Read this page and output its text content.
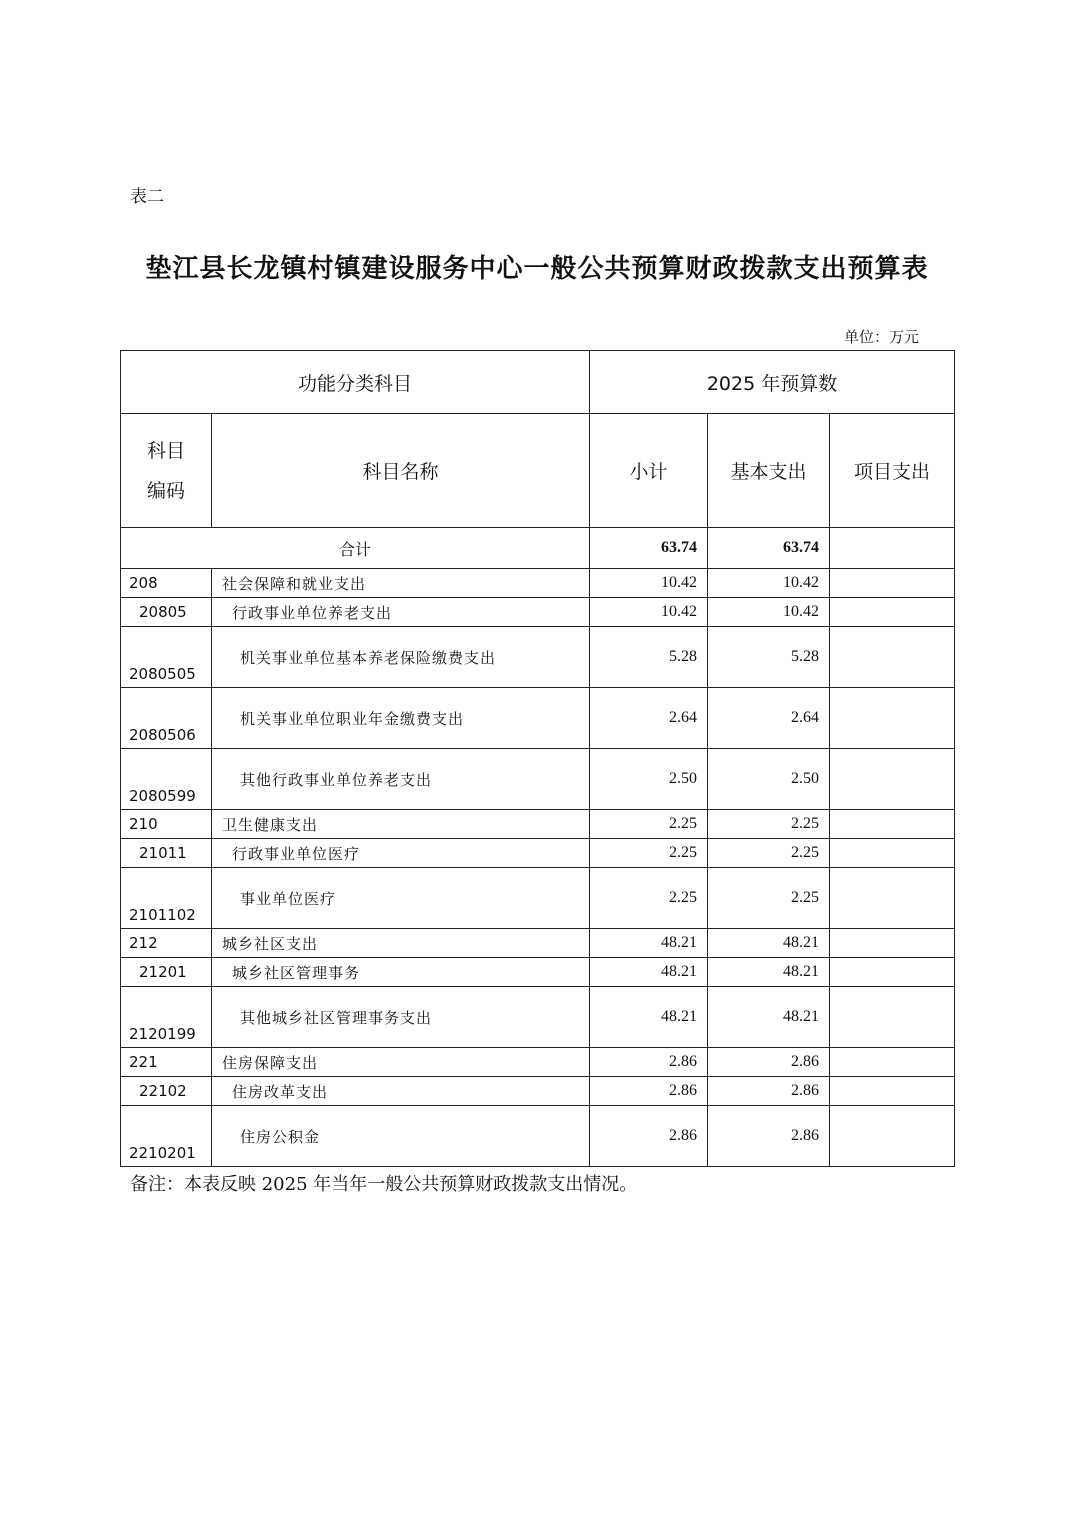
表二
垫江县长龙镇村镇建设服务中心一般公共预算财政拨款支出预算表
单位：万元
功能分类科目		2025 年预算数		

科目
编码	科目名称	小计	基本支出	项目支出
合计		63.74	63.74	
208	社会保障和就业支出	10.42	10.42	
20805	行政事业单位养老支出	10.42	10.42	
2080505	机关事业单位基本养老保险缴费支出	5.28	5.28	
2080506	机关事业单位职业年金缴费支出	2.64	2.64	
2080599	其他行政事业单位养老支出	2.50	2.50	
210	卫生健康支出	2.25	2.25	
21011	行政事业单位医疗	2.25	2.25	
2101102	事业单位医疗	2.25	2.25	
212	城乡社区支出	48.21	48.21	
21201	城乡社区管理事务	48.21	48.21	
2120199	其他城乡社区管理事务支出	48.21	48.21	
221	住房保障支出	2.86	2.86	
22102	住房改革支出	2.86	2.86	
2210201	住房公积金	2.86	2.86	
备注：本表反映 2025 年当年一般公共预算财政拨款支出情况。
